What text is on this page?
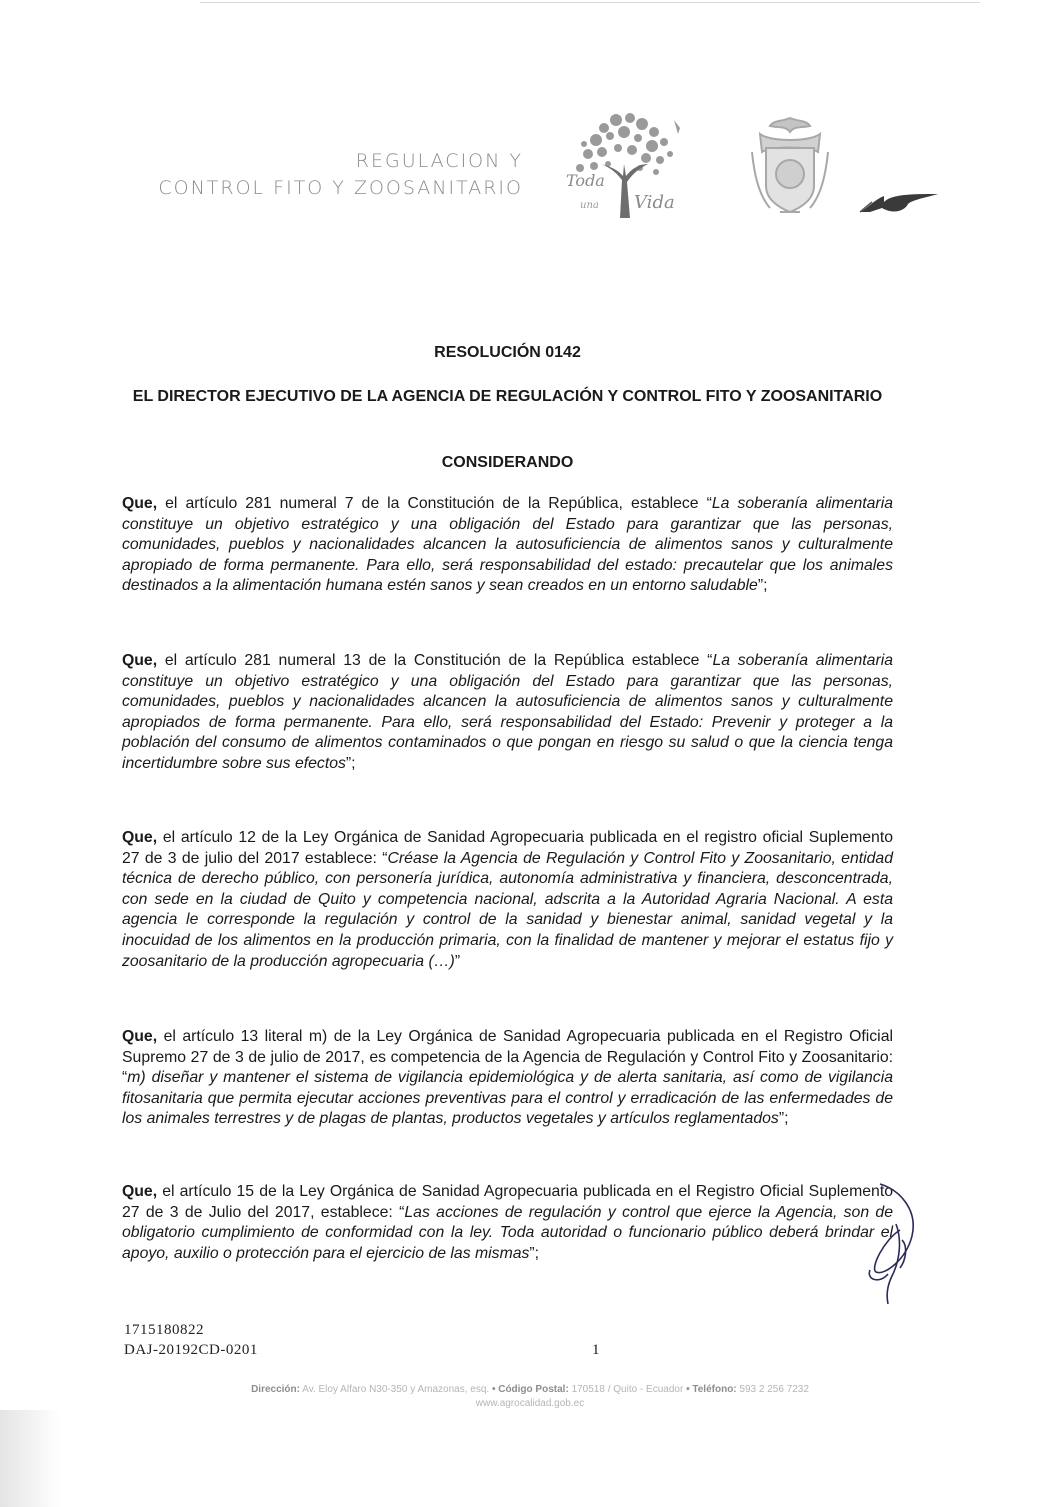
REGULACION Y
CONTROL FITO Y ZOOSANITARIO	Toda
una Vida
RESOLUCIÓN 0142
EL DIRECTOR EJECUTIVO DE LA AGENCIA DE REGULACIÓN Y CONTROL FITO Y ZOOSANITARIO
CONSIDERANDO

Que, el artículo 281 numeral 7 de la Constitución de la República, establece “La soberanía alimentaria constituye un objetivo estratégico y una obligación del Estado para garantizar que las personas, comunidades, pueblos y nacionalidades alcancen la autosuficiencia de alimentos sanos y culturalmente apropiado de forma permanente. Para ello, será responsabilidad del estado: precautelar que los animales destinados a la alimentación humana estén sanos y sean creados en un entorno saludable”;

Que, el artículo 281 numeral 13 de la Constitución de la República establece “La soberanía alimentaria constituye un objetivo estratégico y una obligación del Estado para garantizar que las personas, comunidades, pueblos y nacionalidades alcancen la autosuficiencia de alimentos sanos y culturalmente apropiados de forma permanente. Para ello, será responsabilidad del Estado: Prevenir y proteger a la población del consumo de alimentos contaminados o que pongan en riesgo su salud o que la ciencia tenga incertidumbre sobre sus efectos”;

Que, el artículo 12 de la Ley Orgánica de Sanidad Agropecuaria publicada en el registro oficial Suplemento 27 de 3 de julio del 2017 establece: “Créase la Agencia de Regulación y Control Fito y Zoosanitario, entidad técnica de derecho público, con personería jurídica, autonomía administrativa y financiera, desconcentrada, con sede en la ciudad de Quito y competencia nacional, adscrita a la Autoridad Agraria Nacional. A esta agencia le corresponde la regulación y control de la sanidad y bienestar animal, sanidad vegetal y la inocuidad de los alimentos en la producción primaria, con la finalidad de mantener y mejorar el estatus fijo y zoosanitario de la producción agropecuaria (…)”

Que, el artículo 13 literal m) de la Ley Orgánica de Sanidad Agropecuaria publicada en el Registro Oficial Supremo 27 de 3 de julio de 2017, es competencia de la Agencia de Regulación y Control Fito y Zoosanitario: “m) diseñar y mantener el sistema de vigilancia epidemiológica y de alerta sanitaria, así como de vigilancia fitosanitaria que permita ejecutar acciones preventivas para el control y erradicación de las enfermedades de los animales terrestres y de plagas de plantas, productos vegetales y artículos reglamentados”;

Que, el artículo 15 de la Ley Orgánica de Sanidad Agropecuaria publicada en el Registro Oficial Suplemento 27 de 3 de Julio del 2017, establece: “Las acciones de regulación y control que ejerce la Agencia, son de obligatorio cumplimiento de conformidad con la ley. Toda autoridad o funcionario público deberá brindar el apoyo, auxilio o protección para el ejercicio de las mismas”;

1715180822
DAJ-20192CD-0201	1
Dirección: Av. Eloy Alfaro N30-350 y Amazonas, esq. • Código Postal: 170518 / Quito - Ecuador • Teléfono: 593 2 256 7232
www.agrocalidad.gob.ec
